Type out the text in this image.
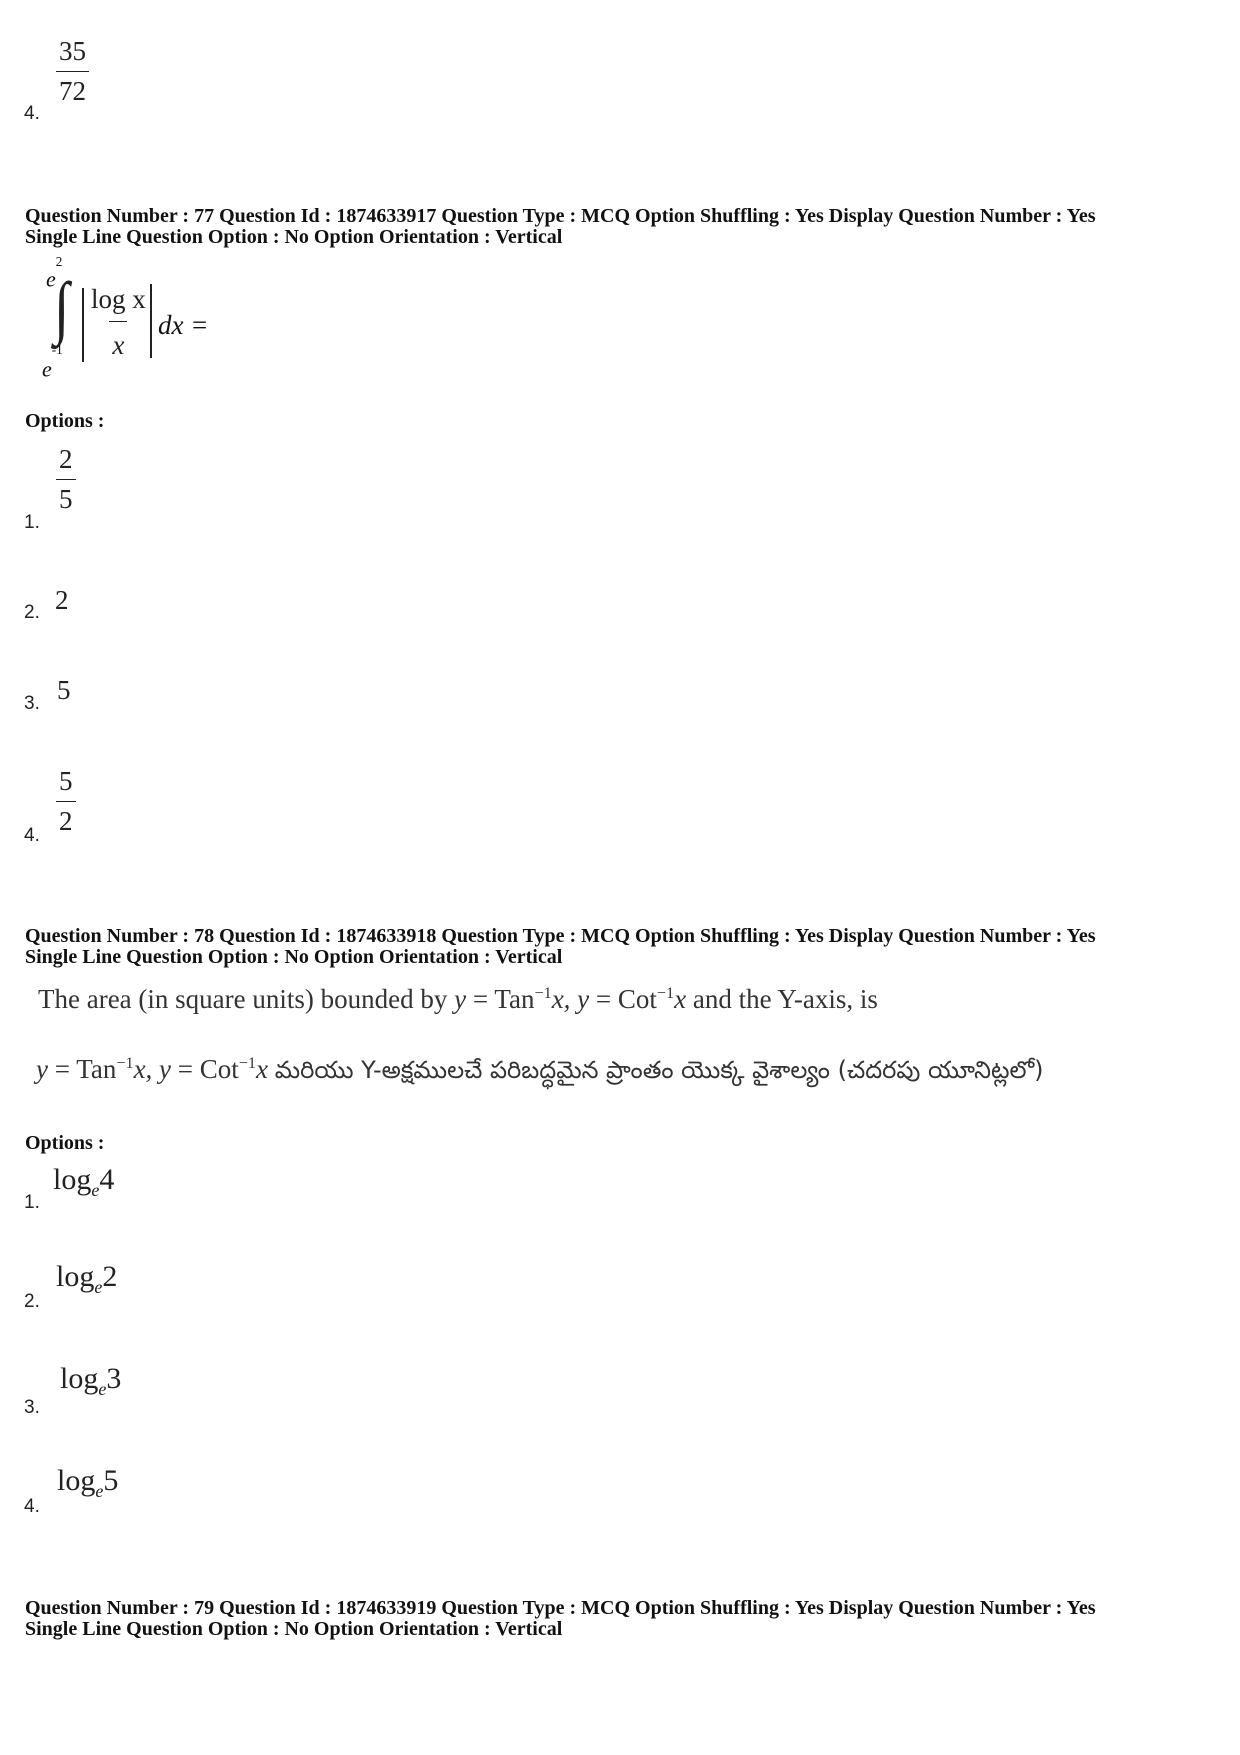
$\frac{35}{72}$
4.
Question Number : 77 Question Id : 1874633917 Question Type : MCQ Option Shuffling : Yes Display Question Number : Yes
Single Line Question Option : No Option Orientation : Vertical
$e^2$
∫
$e^{-1} \frac{\text{log x}}{x}$ dx =
Options :
$\frac{2}{5}$
1.
2
2.
5
3.
$\frac{5}{2}$
4.
Question Number : 78 Question Id : 1874633918 Question Type : MCQ Option Shuffling : Yes Display Question Number : Yes
Single Line Question Option : No Option Orientation : Vertical
The area (in square units) bounded by y = Tan$^{-1}$x, y = Cot$^{-1}$x and the Y-axis, is
y = Tan$^{-1}$x, y = Cot$^{-1}$x మరియు Y-అక్షములచే పరిబద్ధమైన ప్రాంతం యొక్క వైశాల్యం (చదరపు యూనిట్లలో)
Options :
$\log_e4$
1.
$\log_e2$
2.
$\log_e3$
3.
$\log_e5$
4.
Question Number : 79 Question Id : 1874633919 Question Type : MCQ Option Shuffling : Yes Display Question Number : Yes
Single Line Question Option : No Option Orientation : Vertical
